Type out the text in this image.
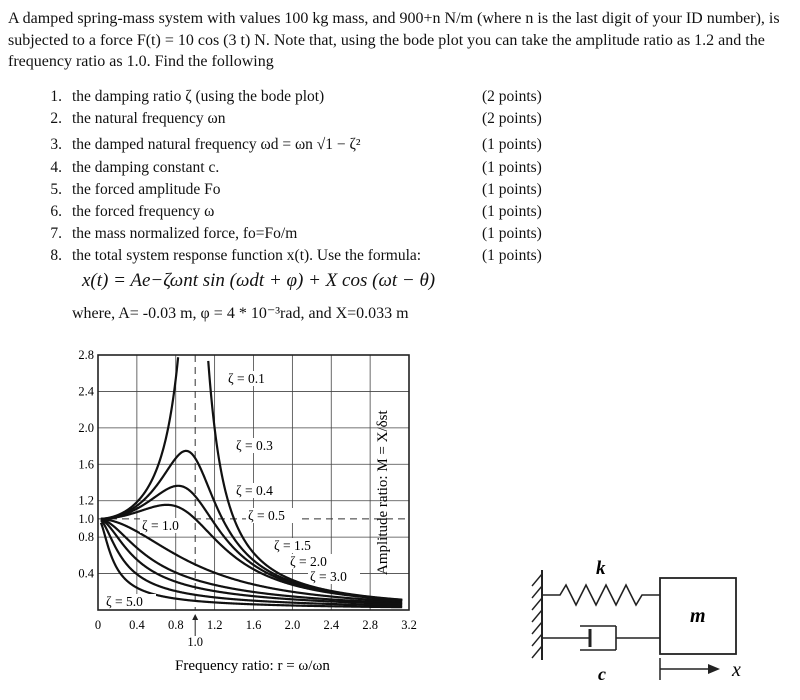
A damped spring-mass system with values 100 kg mass, and 900+n N/m (where n is the last digit of your ID number), is subjected to a force F(t) = 10 cos (3 t) N. Note that, using the bode plot you can take the amplitude ratio as 1.2 and the frequency ratio as 1.0. Find the following
1. the damping ratio ζ (using the bode plot)	(2 points)
2. the natural frequency ωn	(2 points)
3. the damped natural frequency ωd = ωn √1 − ζ²	(1 points)
4. the damping constant c.	(1 points)
5. the forced amplitude Fo	(1 points)
6. the forced frequency ω	(1 points)
7. the mass normalized force, fo=Fo/m	(1 points)
8. the total system response function x(t). Use the formula:	(1 points)
x(t) = Ae−ζωnt sin (ωdt + φ) + X cos (ωt − θ)
where, A= -0.03 m, φ = 4 * 10⁻³rad, and X=0.033 m
0 0.4 0.8 1.2 1.6 2.0 2.4 2.8 3.2
1.0
0.4
0.8
1.0
1.2
1.6
2.0
2.4
2.8
ζ = 0.1
ζ = 0.3
ζ = 0.4
ζ = 0.5
ζ = 1.0
ζ = 1.5
ζ = 2.0
ζ = 3.0
ζ = 5.0
Frequency ratio: r = ω/ωn
Amplitude ratio: M = X/δst	k
c
m
x
